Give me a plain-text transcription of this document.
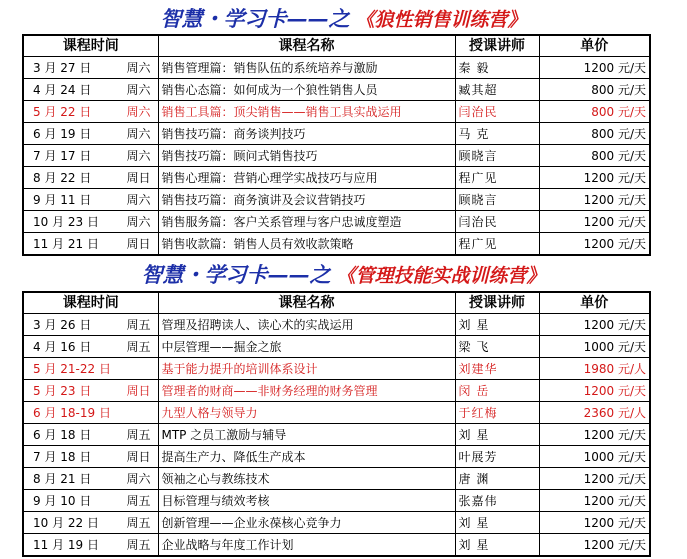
智慧・学习卡——之 《狼性销售训练营》
课程时间	课程名称	授课讲师	单价

3 月 27 日 周六	销售管理篇：销售队伍的系统培养与激励	秦 毅	1200 元/天

4 月 24 日 周六	销售心态篇：如何成为一个狼性销售人员	臧其超	800 元/天

5 月 22 日 周六	销售工具篇：顶尖销售——销售工具实战运用	闫治民	800 元/天

6 月 19 日 周六	销售技巧篇：商务谈判技巧	马 克	800 元/天

7 月 17 日 周六	销售技巧篇：顾问式销售技巧	顾晓言	800 元/天

8 月 22 日 周日	销售心理篇：营销心理学实战技巧与应用	程广见	1200 元/天

9 月 11 日 周六	销售技巧篇：商务演讲及会议营销技巧	顾晓言	1200 元/天

10 月 23 日 周六	销售服务篇：客户关系管理与客户忠诚度塑造	闫治民	1200 元/天

11 月 21 日 周日	销售收款篇：销售人员有效收款策略	程广见	1200 元/天
智慧・学习卡——之 《管理技能实战训练营》
课程时间	课程名称	授课讲师	单价

3 月 26 日 周五	管理及招聘读人、读心术的实战运用	刘 星	1200 元/天

4 月 16 日 周五	中层管理——掘金之旅	梁 飞	1000 元/天

5 月 21-22 日	基于能力提升的培训体系设计	刘建华	1980 元/人

5 月 23 日 周日	管理者的财商——非财务经理的财务管理	闵 岳	1200 元/天

6 月 18-19 日	九型人格与领导力	于红梅	2360 元/人

6 月 18 日 周五	MTP 之员工激励与辅导	刘 星	1200 元/天

7 月 18 日 周日	提高生产力、降低生产成本	叶展芳	1000 元/天

8 月 21 日 周六	领袖之心与教练技术	唐 渊	1200 元/天

9 月 10 日 周五	目标管理与绩效考核	张嘉伟	1200 元/天

10 月 22 日 周五	创新管理——企业永葆核心竞争力	刘 星	1200 元/天

11 月 19 日 周五	企业战略与年度工作计划	刘 星	1200 元/天
